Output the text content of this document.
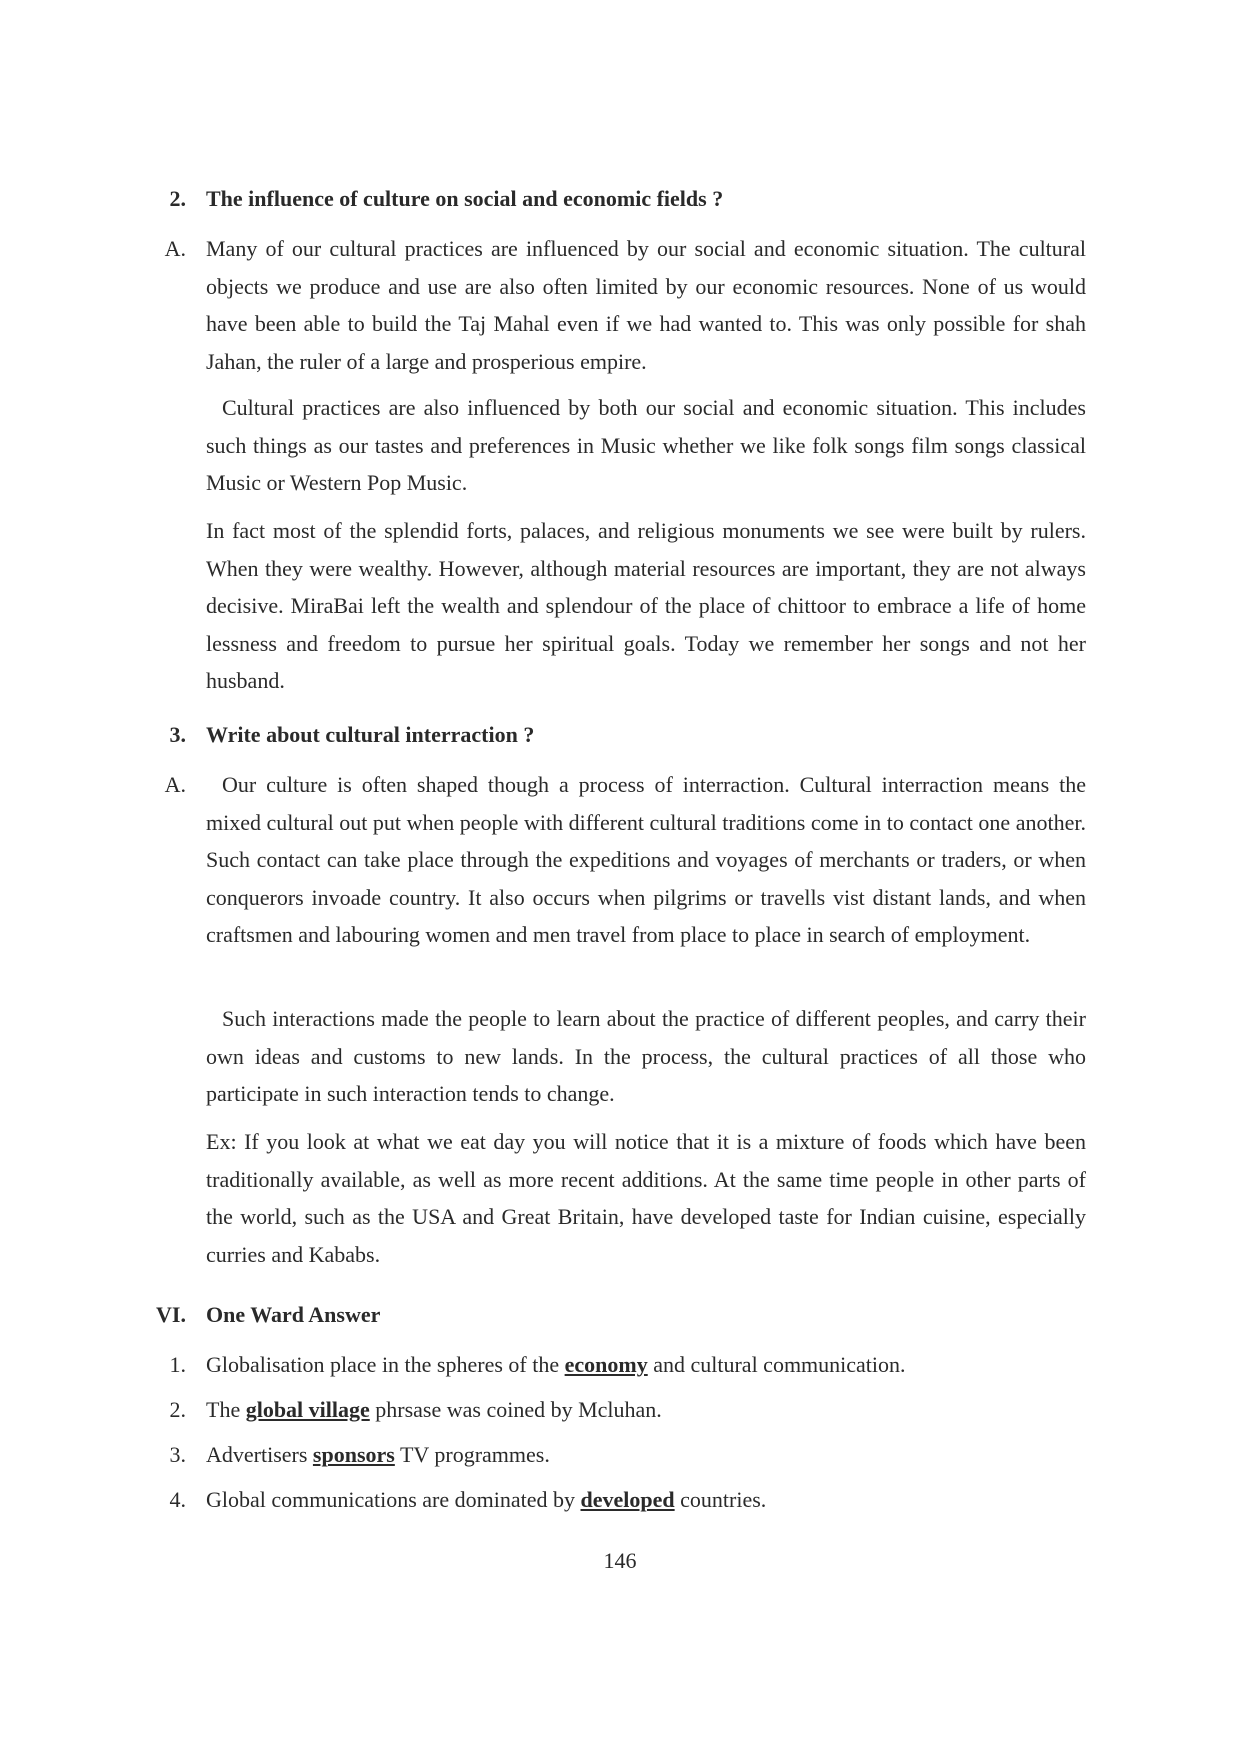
2. The influence of culture on social and economic fields ?
A. Many of our cultural practices are influenced by our social and economic situation. The cultural objects we produce and use are also often limited by our economic resources. None of us would have been able to build the Taj Mahal even if we had wanted to. This was only possible for shah Jahan, the ruler of a large and prosperious empire.

Cultural practices are also influenced by both our social and economic situation. This includes such things as our tastes and preferences in Music whether we like folk songs film songs classical Music or Western Pop Music.

In fact most of the splendid forts, palaces, and religious monuments we see were built by rulers. When they were wealthy. However, although material resources are important, they are not always decisive. MiraBai left the wealth and splendour of the place of chittoor to embrace a life of home lessness and freedom to pursue her spiritual goals. Today we remember her songs and not her husband.

3. Write about cultural interraction ?
A.	Our culture is often shaped though a process of interraction. Cultural interraction means the mixed cultural out put when people with different cultural traditions come in to contact one another. Such contact can take place through the expeditions and voyages of merchants or traders, or when conquerors invoade country. It also occurs when pilgrims or travells vist distant lands, and when craftsmen and labouring women and men travel from place to place in search of employment.

Such interactions made the people to learn about the practice of different peoples, and carry their own ideas and customs to new lands. In the process, the cultural practices of all those who participate in such interaction tends to change.

Ex: If you look at what we eat day you will notice that it is a mixture of foods which have been traditionally available, as well as more recent additions. At the same time people in other parts of the world, such as the USA and Great Britain, have developed taste for Indian cuisine, especially curries and Kababs.

VI. One Ward Answer
1. Globalisation place in the spheres of the economy and cultural communication.
2. The global village phrsase was coined by Mcluhan.
3. Advertisers sponsors TV programmes.
4. Global communications are dominated by developed countries.
146
